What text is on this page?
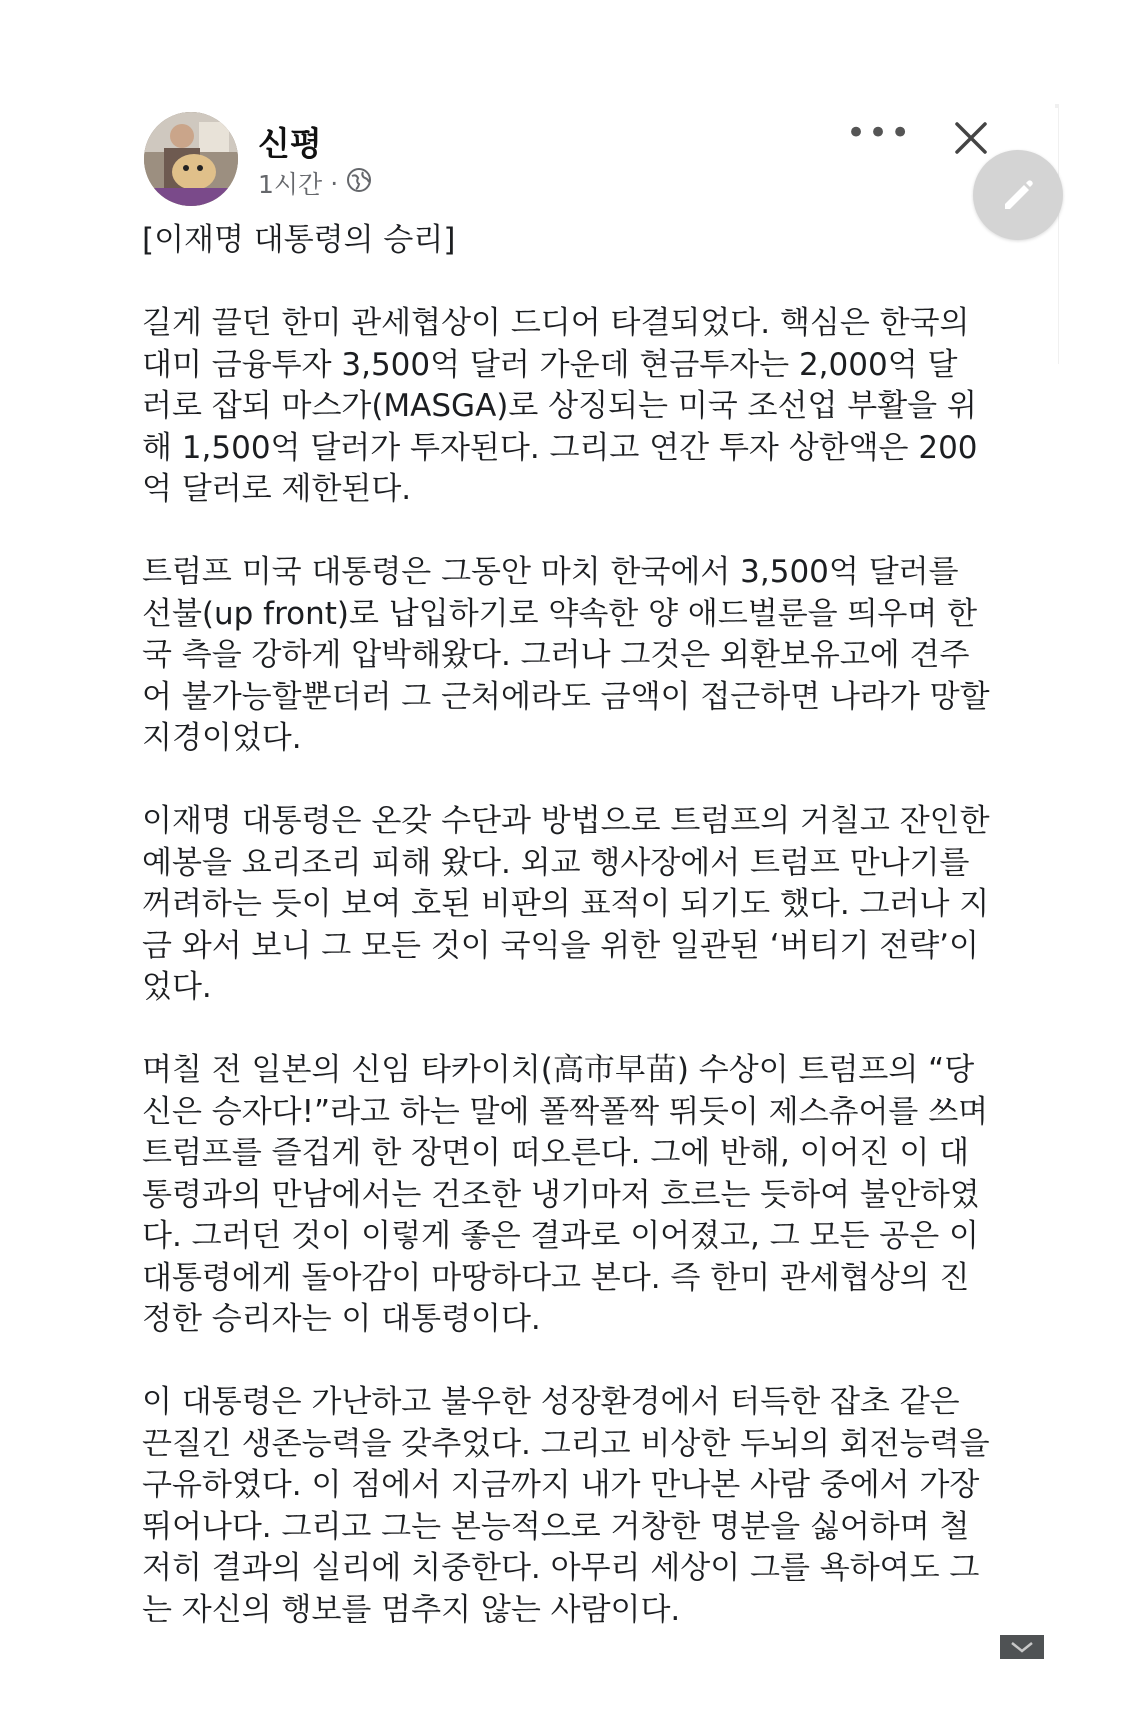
신평
1시간 ·
•••
[이재명 대통령의 승리]

길게 끌던 한미 관세협상이 드디어 타결되었다. 핵심은 한국의
대미 금융투자 3,500억 달러 가운데 현금투자는 2,000억 달
러로 잡되 마스가(MASGA)로 상징되는 미국 조선업 부활을 위
해 1,500억 달러가 투자된다. 그리고 연간 투자 상한액은 200
억 달러로 제한된다.

트럼프 미국 대통령은 그동안 마치 한국에서 3,500억 달러를
선불(up front)로 납입하기로 약속한 양 애드벌룬을 띄우며 한
국 측을 강하게 압박해왔다. 그러나 그것은 외환보유고에 견주
어 불가능할뿐더러 그 근처에라도 금액이 접근하면 나라가 망할
지경이었다.

이재명 대통령은 온갖 수단과 방법으로 트럼프의 거칠고 잔인한
예봉을 요리조리 피해 왔다. 외교 행사장에서 트럼프 만나기를
꺼려하는 듯이 보여 호된 비판의 표적이 되기도 했다. 그러나 지
금 와서 보니 그 모든 것이 국익을 위한 일관된 ‘버티기 전략’이
었다.

며칠 전 일본의 신임 타카이치(高市早苗) 수상이 트럼프의 “당
신은 승자다!”라고 하는 말에 폴짝폴짝 뛰듯이 제스츄어를 쓰며
트럼프를 즐겁게 한 장면이 떠오른다. 그에 반해, 이어진 이 대
통령과의 만남에서는 건조한 냉기마저 흐르는 듯하여 불안하였
다. 그러던 것이 이렇게 좋은 결과로 이어졌고, 그 모든 공은 이
대통령에게 돌아감이 마땅하다고 본다. 즉 한미 관세협상의 진
정한 승리자는 이 대통령이다.

이 대통령은 가난하고 불우한 성장환경에서 터득한 잡초 같은
끈질긴 생존능력을 갖추었다. 그리고 비상한 두뇌의 회전능력을
구유하였다. 이 점에서 지금까지 내가 만나본 사람 중에서 가장
뛰어나다. 그리고 그는 본능적으로 거창한 명분을 싫어하며 철
저히 결과의 실리에 치중한다. 아무리 세상이 그를 욕하여도 그
는 자신의 행보를 멈추지 않는 사람이다.
